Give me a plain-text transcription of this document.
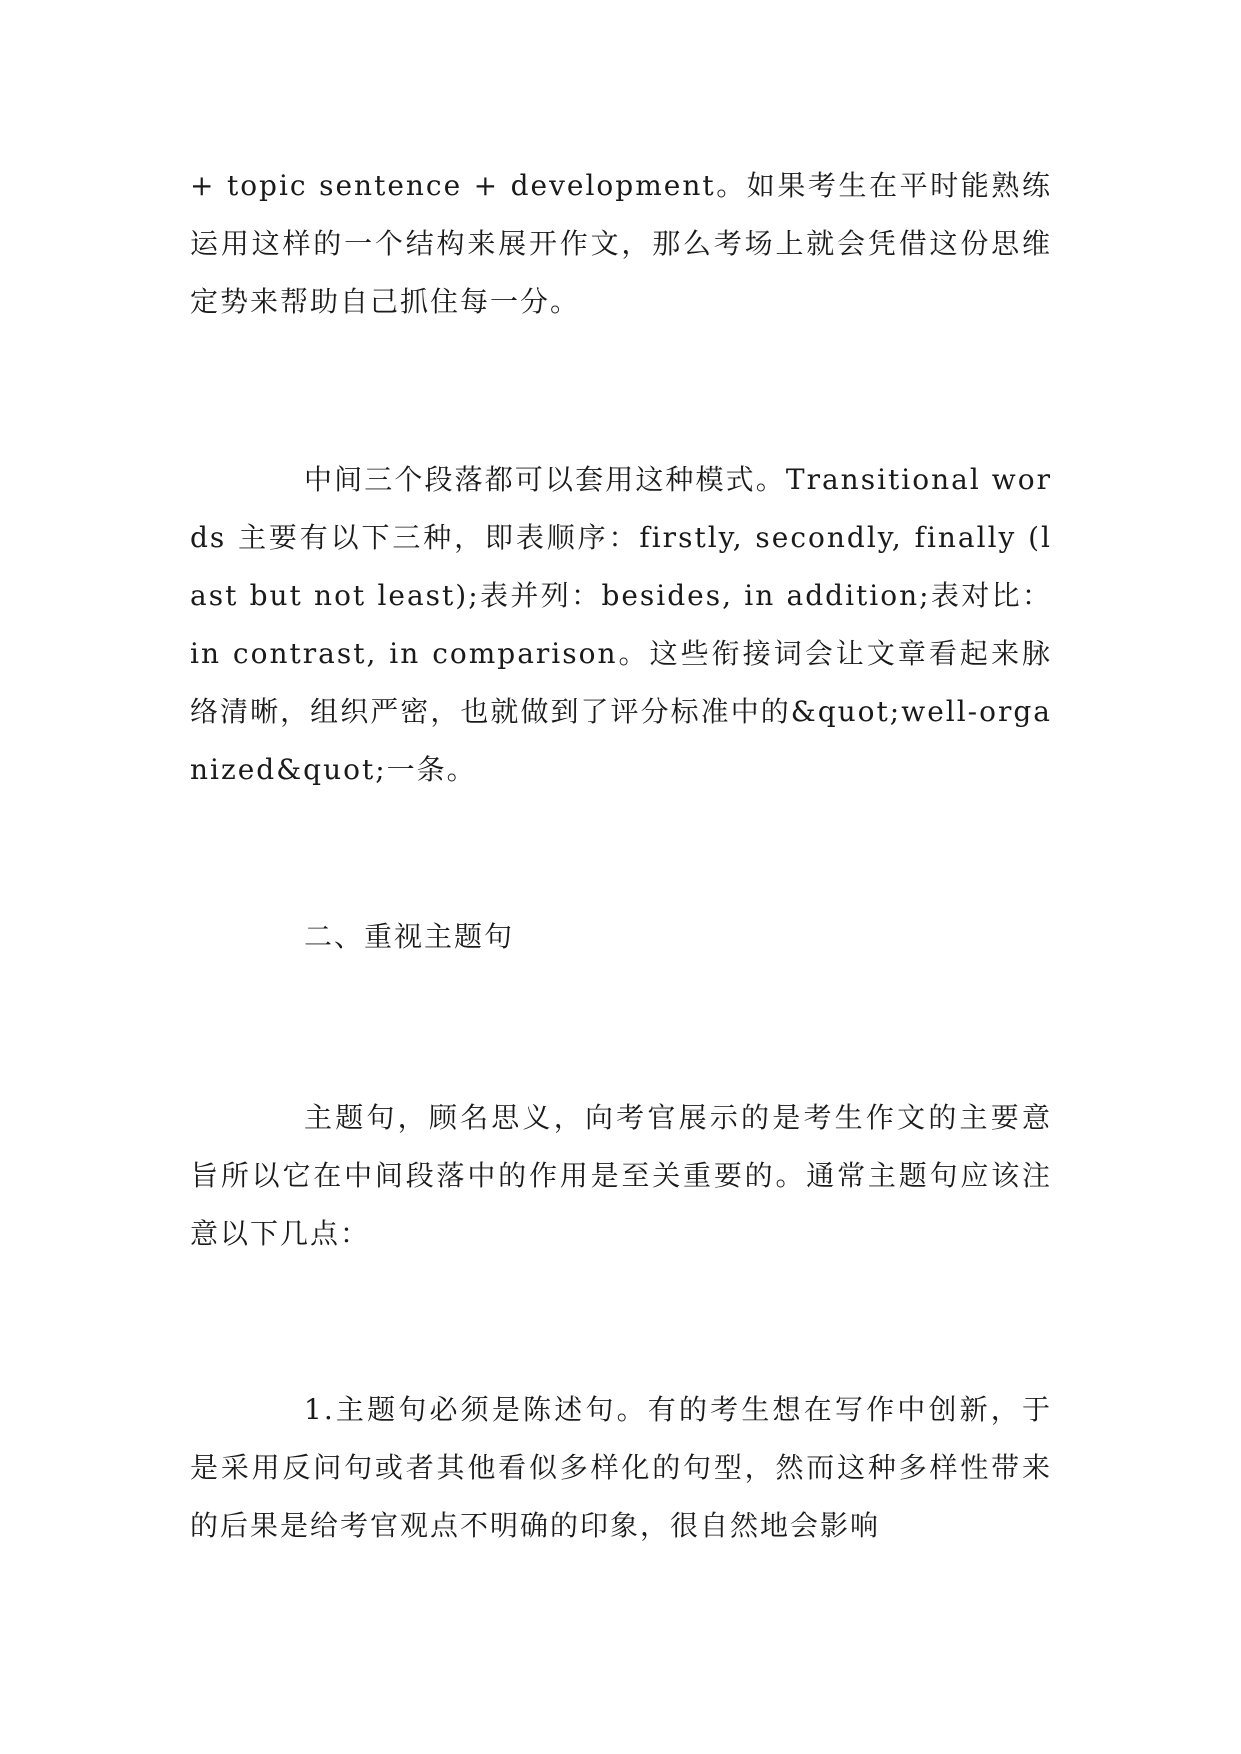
+ topic sentence + development。如果考生在平时能熟练运用这样的一个结构来展开作文，那么考场上就会凭借这份思维定势来帮助自己抓住每一分。

中间三个段落都可以套用这种模式。Transitional words 主要有以下三种，即表顺序：firstly, secondly, finally (last but not least);表并列：besides, in addition;表对比：in contrast, in comparison。这些衔接词会让文章看起来脉络清晰，组织严密，也就做到了评分标准中的&quot;well-organized&quot;一条。

二、重视主题句

主题句，顾名思义，向考官展示的是考生作文的主要意旨所以它在中间段落中的作用是至关重要的。通常主题句应该注意以下几点：

1.主题句必须是陈述句。有的考生想在写作中创新，于是采用反问句或者其他看似多样化的句型，然而这种多样性带来的后果是给考官观点不明确的印象，很自然地会影响
